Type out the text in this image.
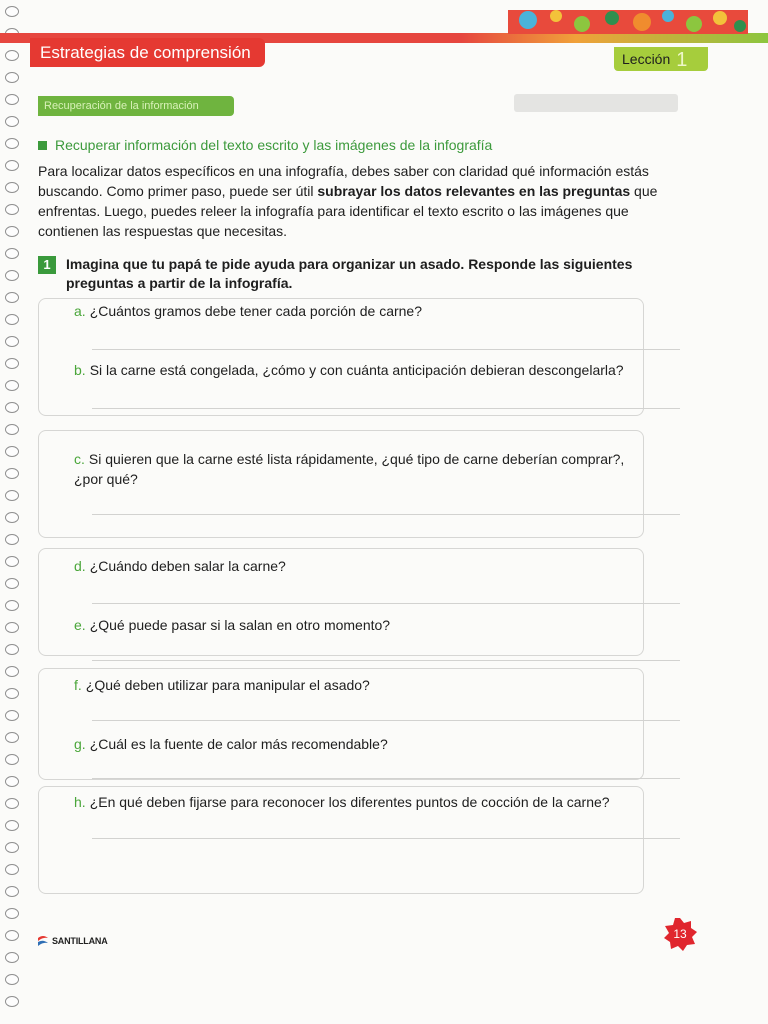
Estrategias de comprensión	Lección 1
Recuperación de la información
Recuperar información del texto escrito y las imágenes de la infografía

Para localizar datos específicos en una infografía, debes saber con claridad qué información estás buscando. Como primer paso, puede ser útil subrayar los datos relevantes en las preguntas que enfrentas. Luego, puedes releer la infografía para identificar el texto escrito o las imágenes que contienen las respuestas que necesitas.

1	Imagina que tu papá te pide ayuda para organizar un asado. Responde las siguientes preguntas a partir de la infografía.
a. ¿Cuántos gramos debe tener cada porción de carne?
b. Si la carne está congelada, ¿cómo y con cuánta anticipación debieran descongelarla?
c. Si quieren que la carne esté lista rápidamente, ¿qué tipo de carne deberían comprar?, ¿por qué?
d. ¿Cuándo deben salar la carne?
e. ¿Qué puede pasar si la salan en otro momento?
f. ¿Qué deben utilizar para manipular el asado?
g. ¿Cuál es la fuente de calor más recomendable?
h. ¿En qué deben fijarse para reconocer los diferentes puntos de cocción de la carne?
SANTILLANA	13
